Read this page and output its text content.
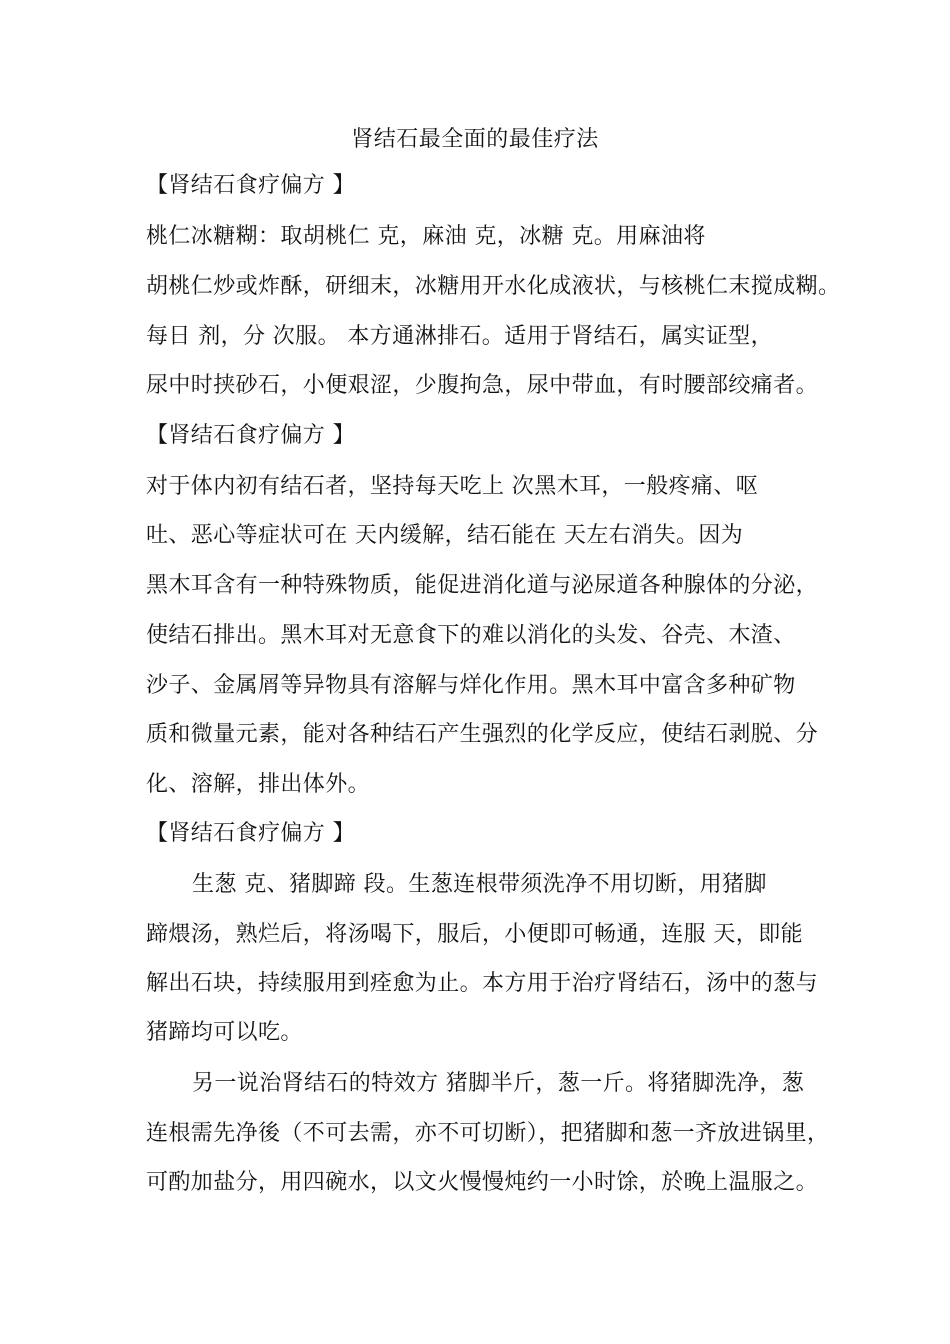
肾结石最全面的最佳疗法
【肾结石食疗偏方 】
桃仁冰糖糊：取胡桃仁 克，麻油 克，冰糖 克。用麻油将
胡桃仁炒或炸酥，研细末，冰糖用开水化成液状，与核桃仁末搅成糊。
每日 剂，分 次服。 本方通淋排石。适用于肾结石，属实证型，
尿中时挟砂石，小便艰涩，少腹拘急，尿中带血，有时腰部绞痛者。
【肾结石食疗偏方 】
对于体内初有结石者，坚持每天吃上 次黑木耳，一般疼痛、呕
吐、恶心等症状可在 天内缓解，结石能在 天左右消失。因为
黑木耳含有一种特殊物质，能促进消化道与泌尿道各种腺体的分泌，
使结石排出。黑木耳对无意食下的难以消化的头发、谷壳、木渣、
沙子、金属屑等异物具有溶解与烊化作用。黑木耳中富含多种矿物
质和微量元素，能对各种结石产生强烈的化学反应，使结石剥脱、分
化、溶解，排出体外。
【肾结石食疗偏方 】
生葱 克、猪脚蹄 段。生葱连根带须洗净不用切断，用猪脚
蹄煨汤，熟烂后，将汤喝下，服后，小便即可畅通，连服 天，即能
解出石块，持续服用到痊愈为止。本方用于治疗肾结石，汤中的葱与
猪蹄均可以吃。
另一说治肾结石的特效方 猪脚半斤，葱一斤。将猪脚洗净，葱
连根需先净後（不可去需，亦不可切断），把猪脚和葱一齐放进锅里，
可酌加盐分，用四碗水，以文火慢慢炖约一小时馀，於晚上温服之。
